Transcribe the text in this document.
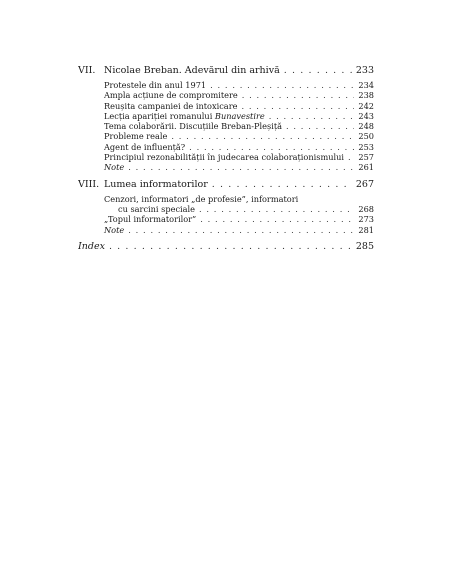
VII. Nicolae Breban. Adevărul din arhivă . . .	233
Protestele din anul 1971 . . .	234
Ampla acțiune de compromitere . . .	238
Reușita campaniei de intoxicare . . .	242
Lecția apariției romanului Bunavestire . . .	243
Tema colaborării. Discuțiile Breban-Pleșiță . . .	248
Probleme reale . . .	250
Agent de influență? . . .	253
Principiul rezonabilității în judecarea colaboraționismului . . . 257
Note . . .	261
VIII. Lumea informatorilor . . .	267
Cenzori, informatori „de profesie”, informatori
cu sarcini speciale . . .	268
„Topul informatorilor” . . .	273
Note . . .	281
Index . . .	285
